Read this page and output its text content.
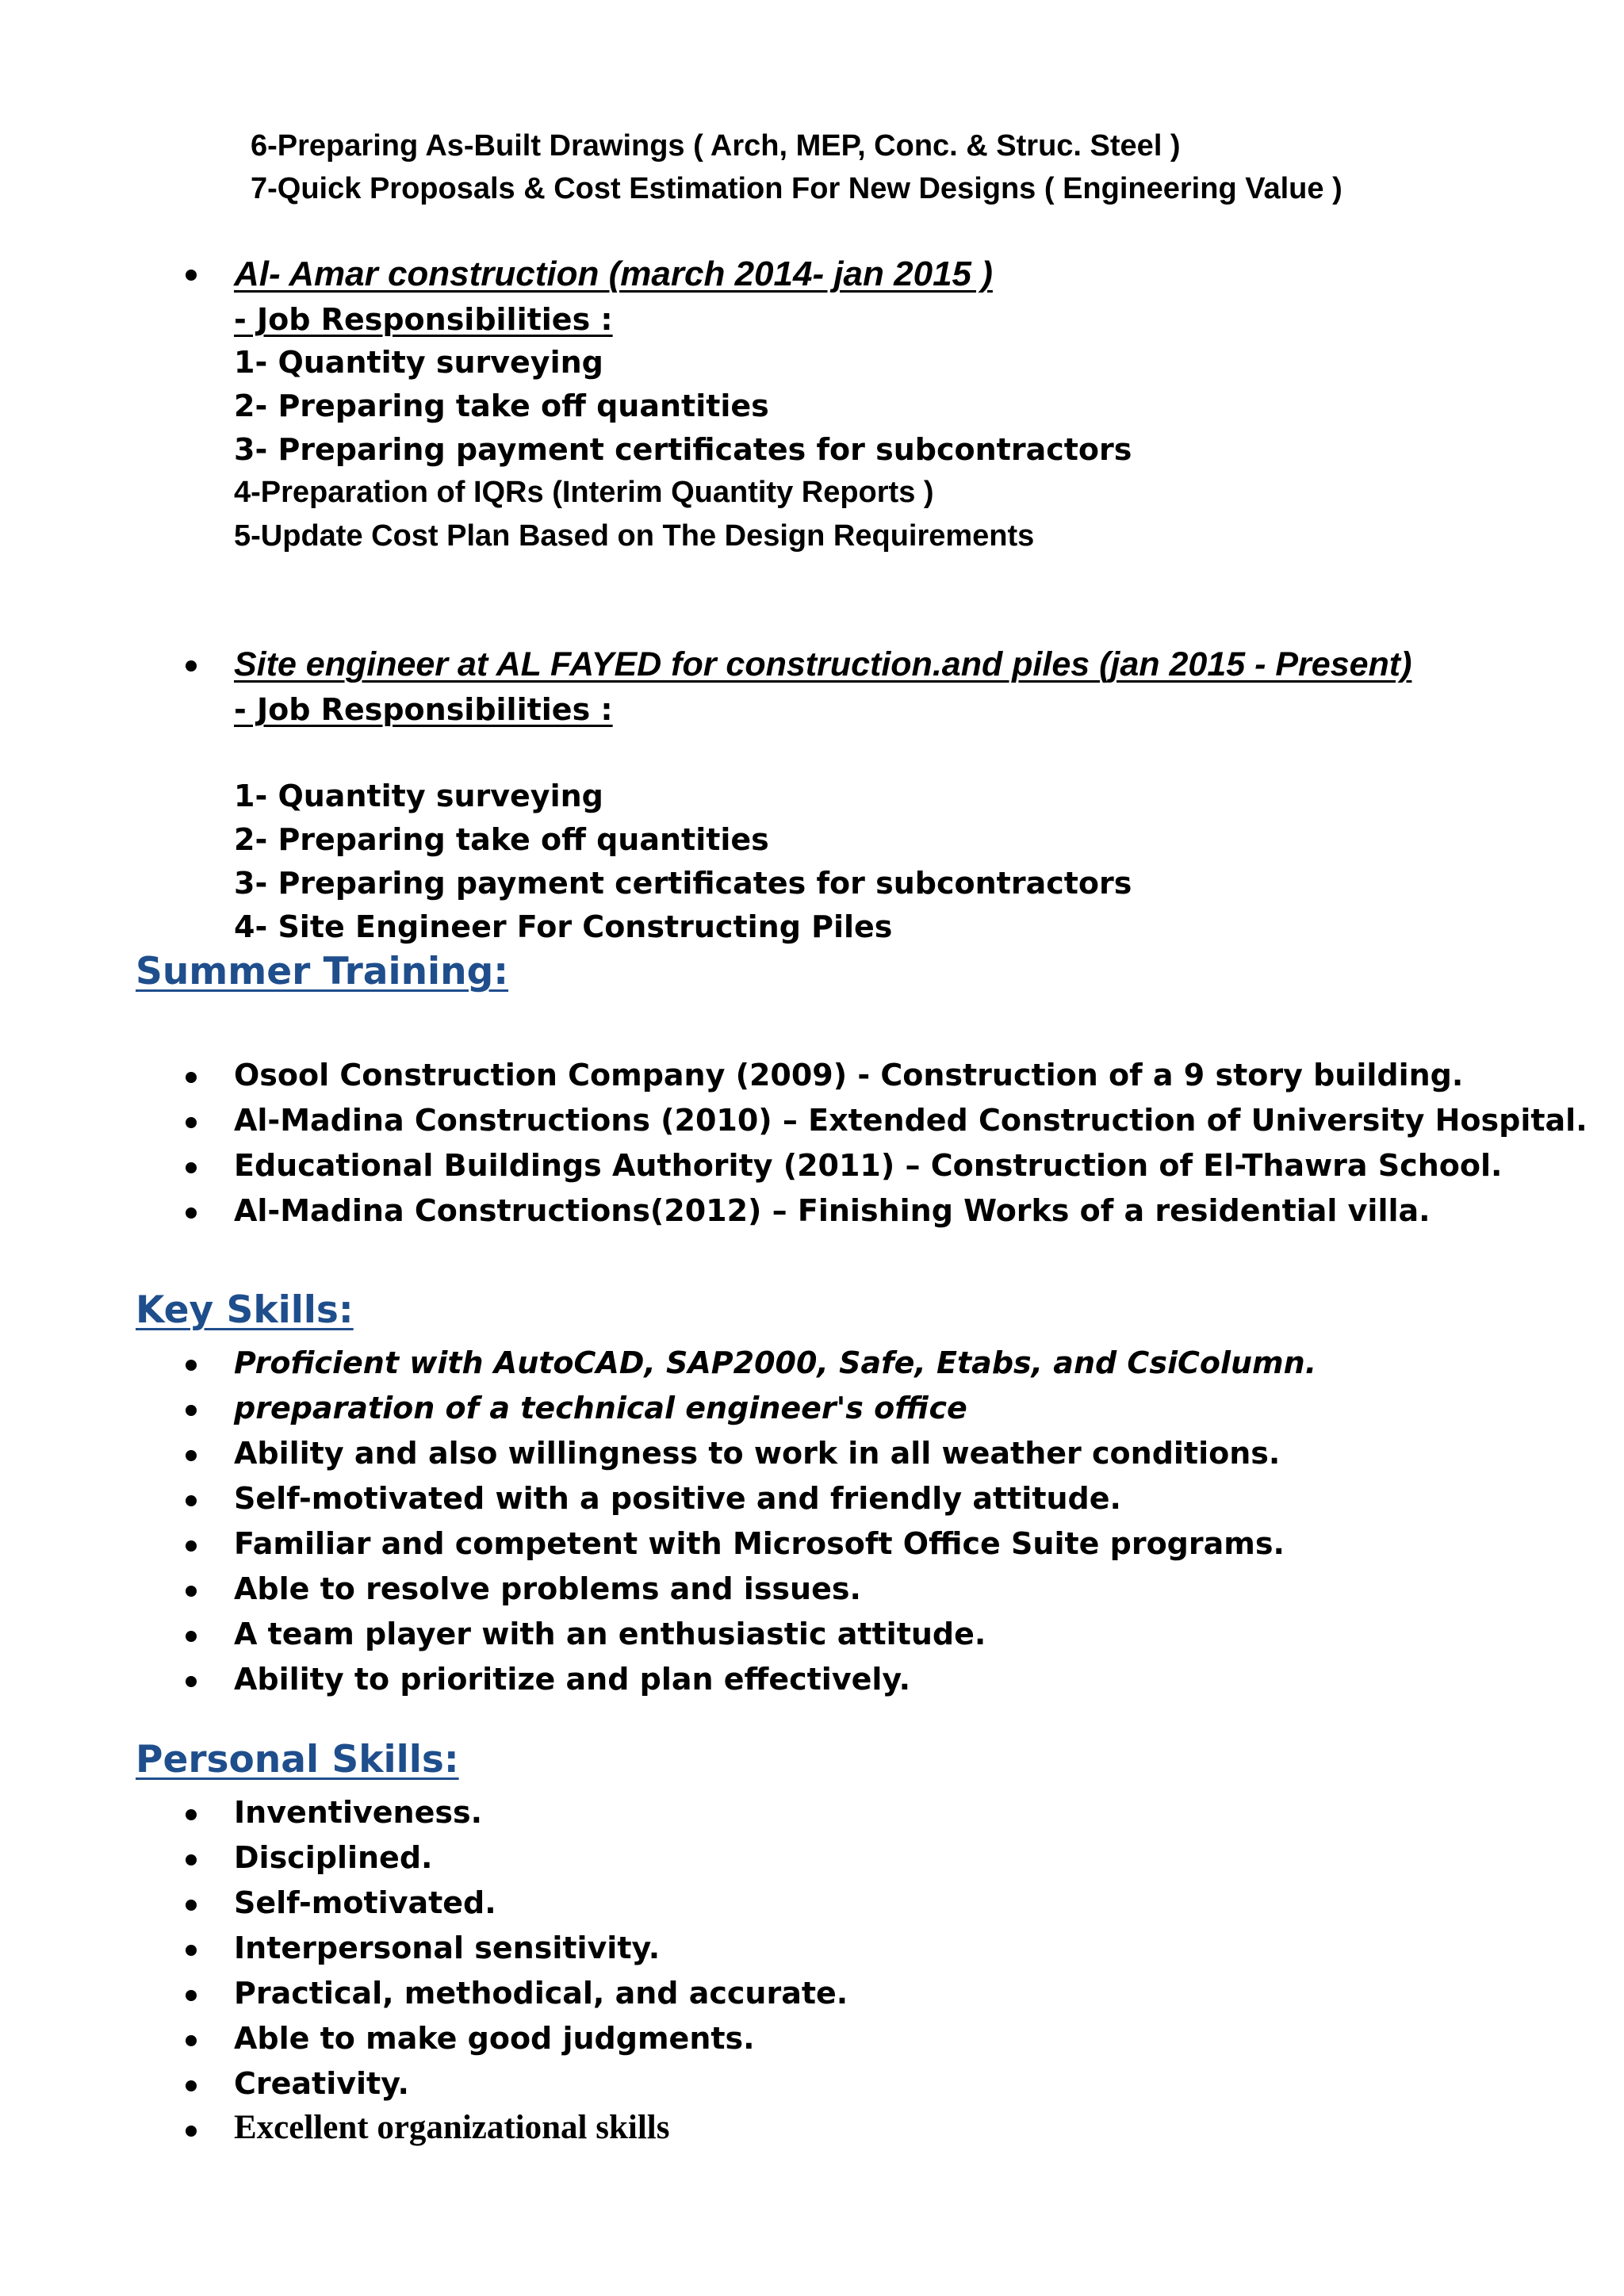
6-Preparing As-Built Drawings ( Arch, MEP, Conc. & Struc. Steel )
7-Quick Proposals & Cost Estimation For New Designs ( Engineering Value )
Al- Amar construction (march 2014- jan 2015 )
- Job Responsibilities :
1- Quantity surveying
2- Preparing take off quantities
3- Preparing payment certificates for subcontractors
4-Preparation of IQRs (Interim Quantity Reports )
5-Update Cost Plan Based on The Design Requirements
Site engineer at AL FAYED for construction.and piles (jan 2015 - Present)
- Job Responsibilities :
1- Quantity surveying
2- Preparing take off quantities
3- Preparing payment certificates for subcontractors
4- Site Engineer For Constructing Piles
Summer Training:
Osool Construction Company (2009) - Construction of a 9 story building.
Al-Madina Constructions (2010) – Extended Construction of University Hospital.
Educational Buildings Authority (2011) – Construction of El-Thawra School.
Al-Madina Constructions(2012) – Finishing Works of a residential villa.
Key Skills:
Proficient with AutoCAD, SAP2000, Safe, Etabs, and CsiColumn.
preparation of a technical engineer's office
Ability and also willingness to work in all weather conditions.
Self-motivated with a positive and friendly attitude.
Familiar and competent with Microsoft Office Suite programs.
Able to resolve problems and issues.
A team player with an enthusiastic attitude.
Ability to prioritize and plan effectively.
Personal Skills:
Inventiveness.
Disciplined.
Self-motivated.
Interpersonal sensitivity.
Practical, methodical, and accurate.
Able to make good judgments.
Creativity.
Excellent organizational skills
